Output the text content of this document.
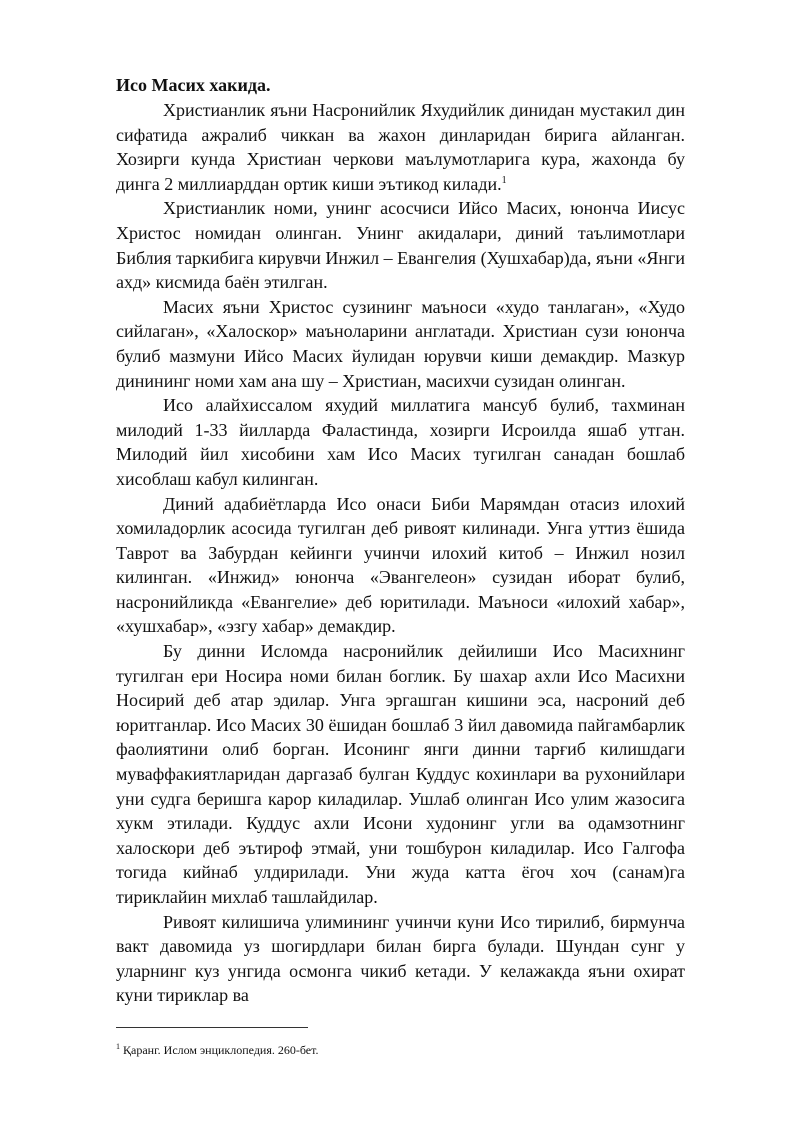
Исо Масих хакида.

Христианлик яъни Насронийлик Яхудийлик динидан мустакил дин сифатида ажралиб чиккан ва жахон динларидан бирига айланган. Хозирги кунда Христиан черкови маълумотларига кура, жахонда бу динга 2 миллиарддан ортик киши эътикод килади.$^1$

Христианлик номи, унинг асосчиси Ийсо Масих, юнонча Иисус Христос номидан олинган. Унинг акидалари, диний таълимотлари Библия таркибига кирувчи Инжил – Евангелия (Хушхабар)да, яъни «Янги ахд» кисмида баён этилган.

Масих яъни Христос сузининг маъноси «худо танлаган», «Худо сийлаган», «Халоскор» маъноларини англатади. Христиан сузи юнонча булиб мазмуни Ийсо Масих йулидан юрувчи киши демакдир. Мазкур динининг номи хам ана шу – Христиан, масихчи сузидан олинган.

Исо алайхиссалом яхудий миллатига мансуб булиб, тахминан милодий 1-33 йилларда Фаластинда, хозирги Исроилда яшаб утган. Милодий йил хисобини хам Исо Масих тугилган санадан бошлаб хисоблаш кабул килинган.

Диний адабиётларда Исо онаси Биби Марямдан отасиз илохий хомиладорлик асосида тугилган деб ривоят килинади. Унга уттиз ёшида Таврот ва Забурдан кейинги учинчи илохий китоб – Инжил нозил килинган. «Инжид» юнонча «Эвангелеон» сузидан иборат булиб, насронийликда «Евангелие» деб юритилади. Маъноси «илохий хабар», «хушхабар», «эзгу хабар» демакдир.

Бу динни Исломда насронийлик дейилиши Исо Масихнинг тугилган ери Носира номи билан боглик. Бу шахар ахли Исо Масихни Носирий деб атар эдилар. Унга эргашган кишини эса, насроний деб юритганлар. Исо Масих 30 ёшидан бошлаб 3 йил давомида пайгамбарлик фаолиятини олиб борган. Исонинг янги динни тарғиб килишдаги муваффакиятларидан даргазаб булган Куддус кохинлари ва рухонийлари уни судга беришга карор киладилар. Ушлаб олинган Исо улим жазосига хукм этилади. Куддус ахли Исони худонинг угли ва одамзотнинг халоскори деб эътироф этмай, уни тошбурон киладилар. Исо Галгофа тогида кийнаб улдирилади. Уни жуда катта ёгоч хоч (санам)га тириклайин михлаб ташлайдилар.

Ривоят килишича улимининг учинчи куни Исо тирилиб, бирмунча вакт давомида уз шогирдлари билан бирга булади. Шундан сунг у уларнинг куз унгида осмонга чикиб кетади. У келажакда яъни охират куни тириклар ва

$^1$ Қаранг. Ислом энциклопедия. 260-бет.
